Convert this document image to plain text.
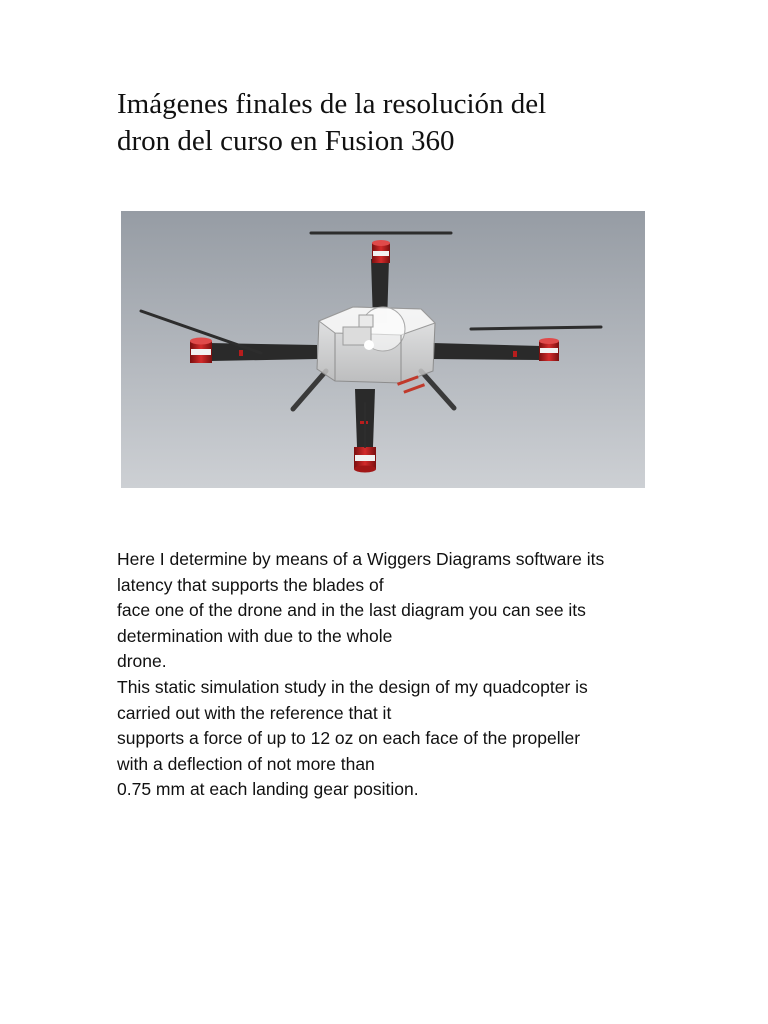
Imágenes finales de la resolución del
dron del curso en Fusion 360
Here I determine by means of a Wiggers Diagrams software its
latency that supports the blades of
face one of the drone and in the last diagram you can see its
determination with due to the whole
drone.
This static simulation study in the design of my quadcopter is
carried out with the reference that it
supports a force of up to 12 oz on each face of the propeller
with a deflection of not more than
0.75 mm at each landing gear position.
